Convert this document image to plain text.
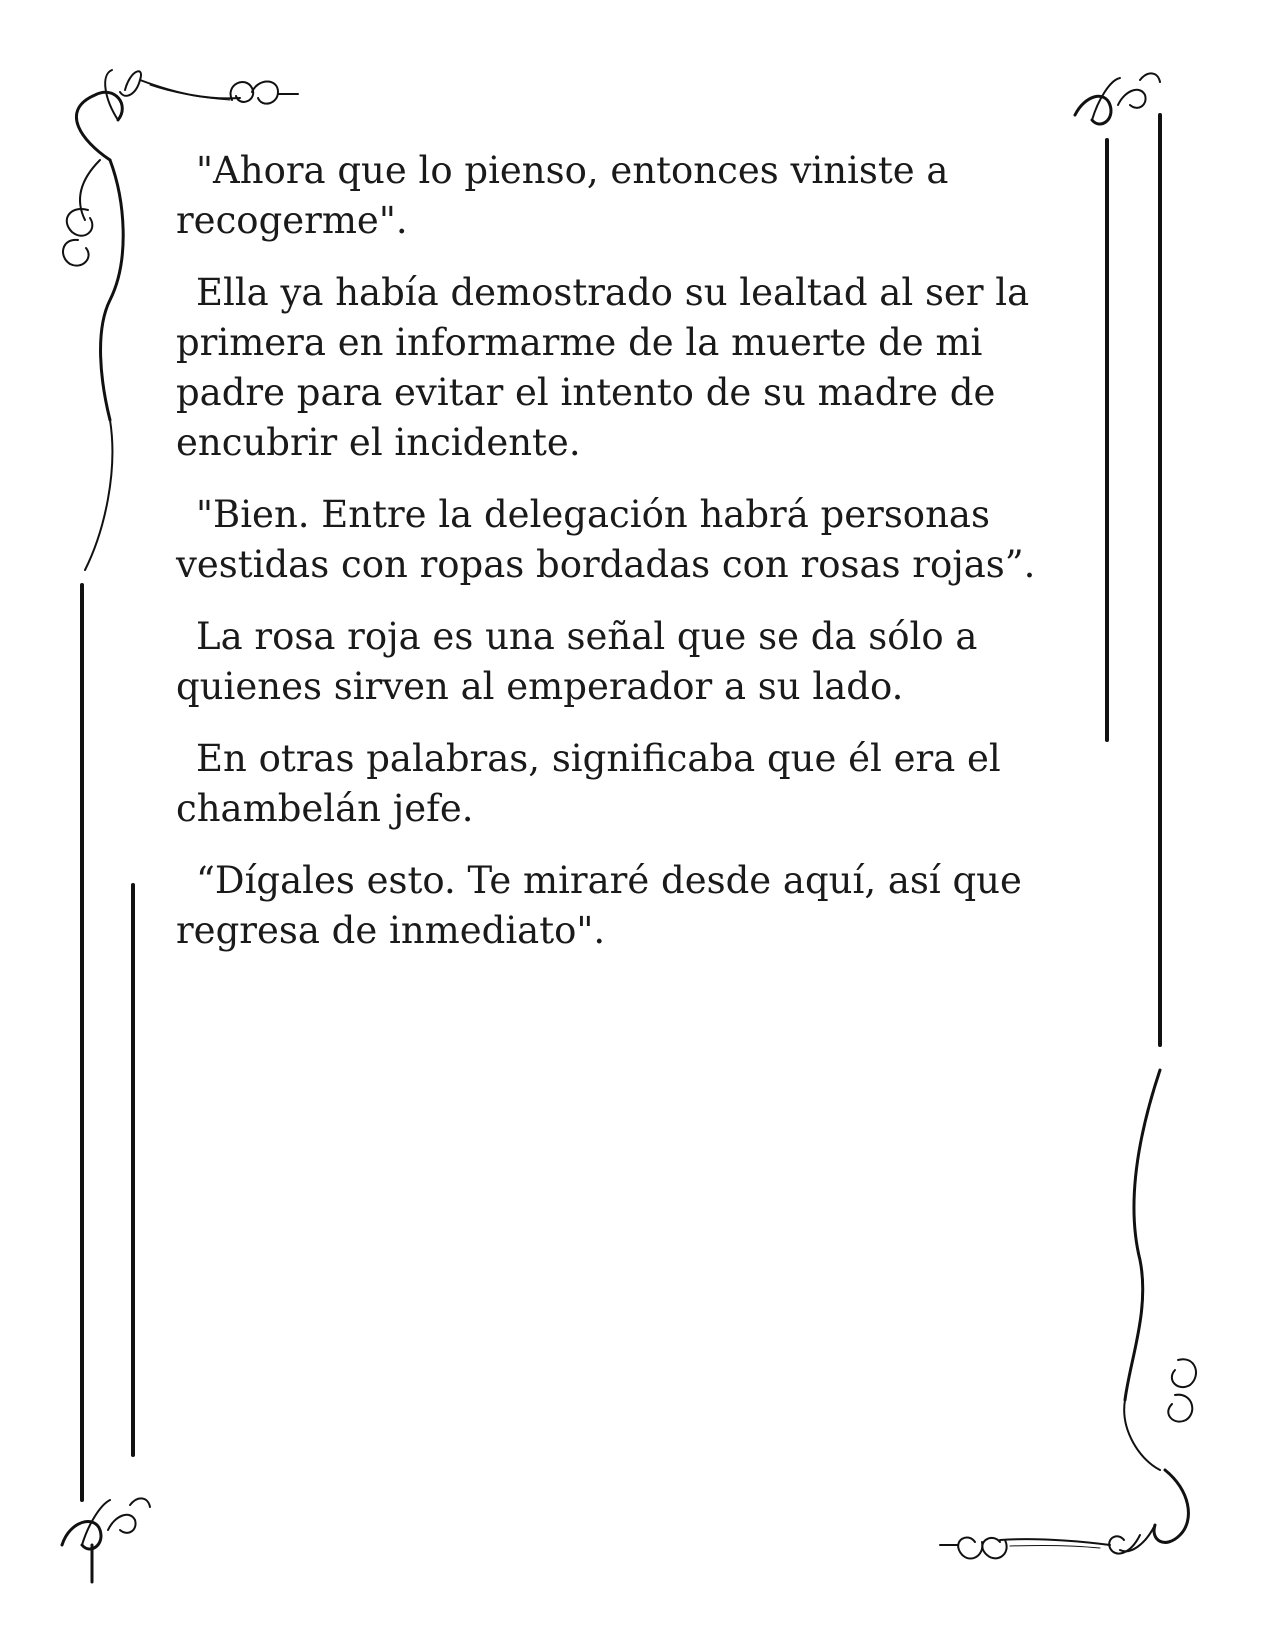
"Ahora que lo pienso, entonces viniste a recogerme".

Ella ya había demostrado su lealtad al ser la primera en informarme de la muerte de mi padre para evitar el intento de su madre de encubrir el incidente.

"Bien. Entre la delegación habrá personas vestidas con ropas bordadas con rosas rojas”.

La rosa roja es una señal que se da sólo a quienes sirven al emperador a su lado.

En otras palabras, significaba que él era el chambelán jefe.

“Dígales esto. Te miraré desde aquí, así que regresa de inmediato".
